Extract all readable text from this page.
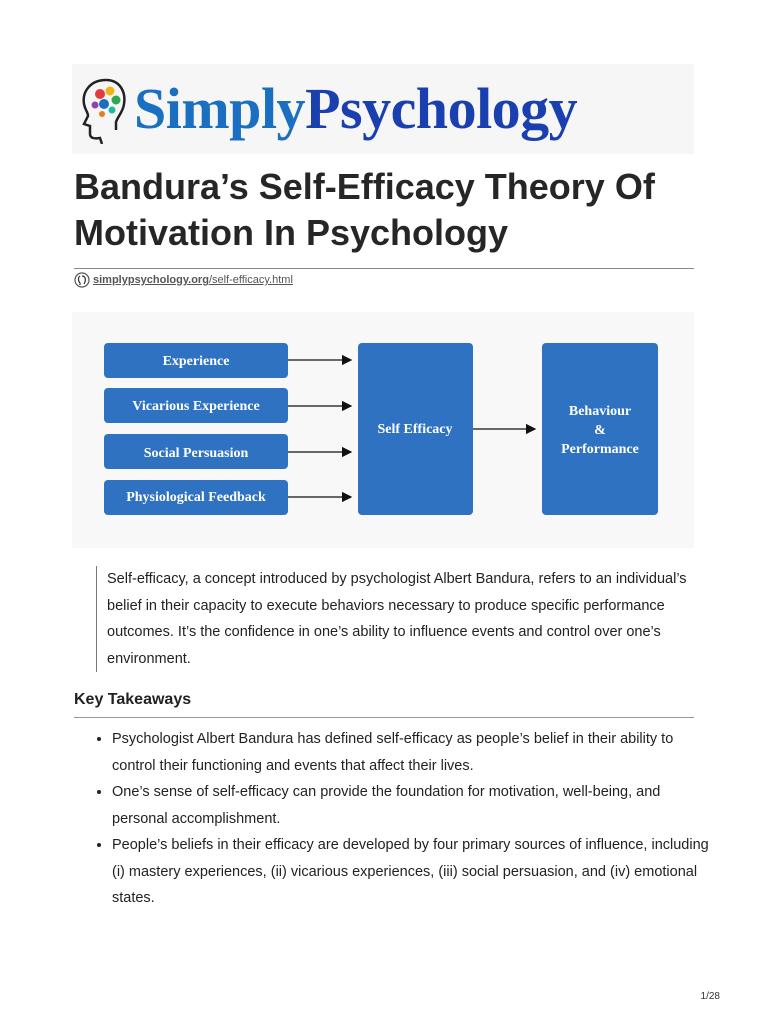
SimplyPsychology
Bandura’s Self-Efficacy Theory Of Motivation In Psychology
simplypsychology.org /self-efficacy.html
Experience
Vicarious Experience
Social Persuasion
Physiological Feedback
Self Efficacy
Behaviour
&
Performance
Self-efficacy, a concept introduced by psychologist Albert Bandura, refers to an individual’s belief in their capacity to execute behaviors necessary to produce specific performance outcomes. It’s the confidence in one’s ability to influence events and control over one’s environment.
Key Takeaways
• Psychologist Albert Bandura has defined self-efficacy as people’s belief in their ability to control their functioning and events that affect their lives.
• One’s sense of self-efficacy can provide the foundation for motivation, well-being, and personal accomplishment.
• People’s beliefs in their efficacy are developed by four primary sources of influence, including (i) mastery experiences, (ii) vicarious experiences, (iii) social persuasion, and (iv) emotional states.
1/28
